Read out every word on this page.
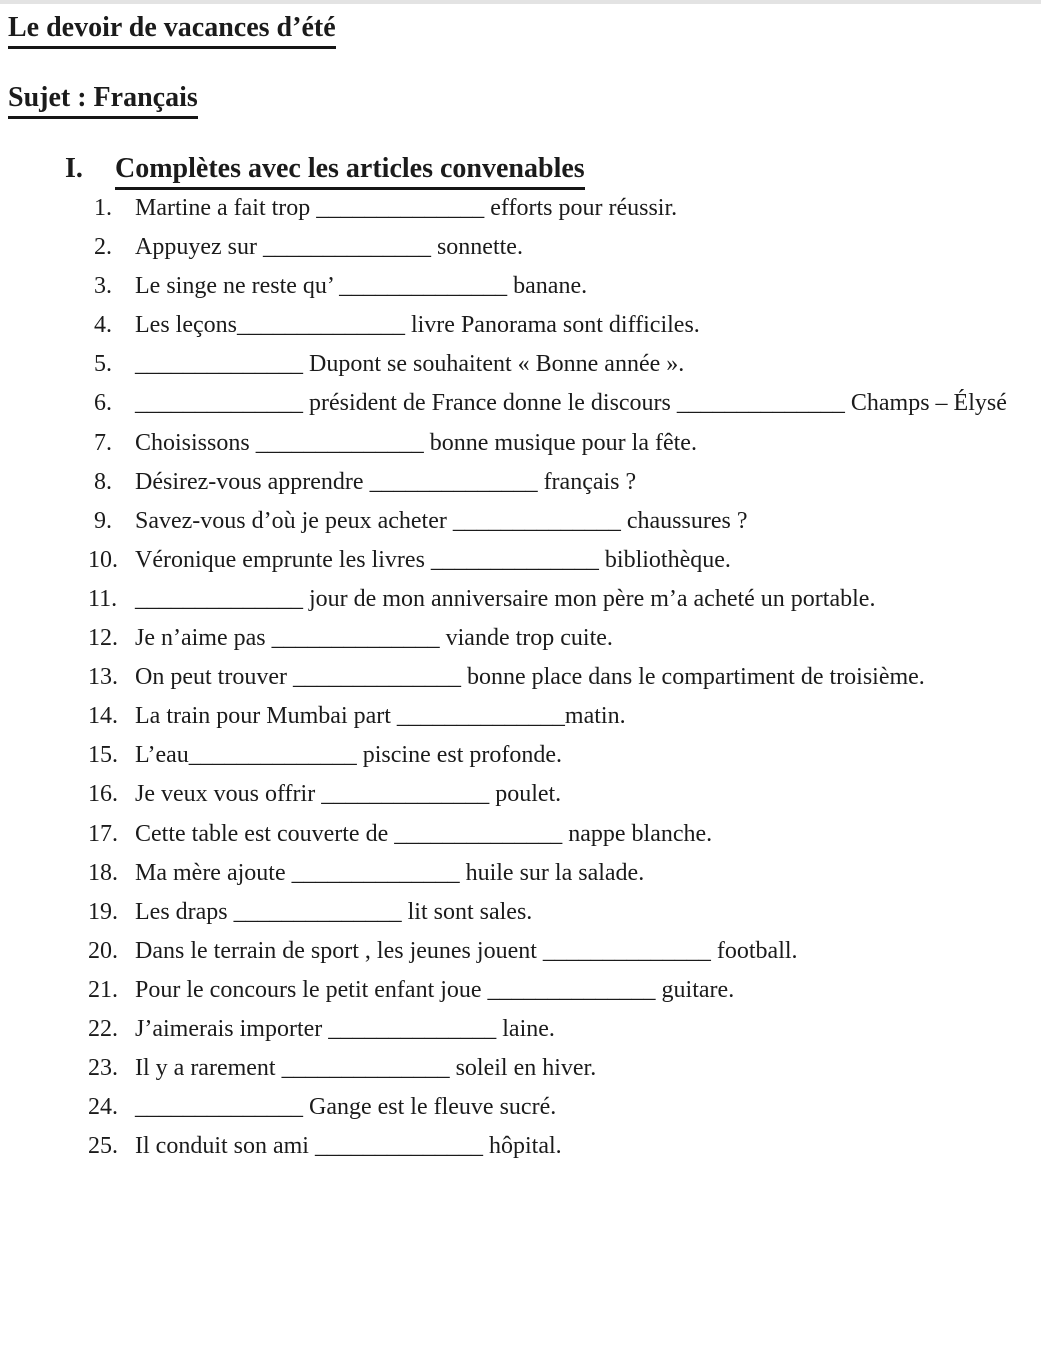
Le devoir de vacances d’été
Sujet : Français
I. Complètes avec les articles convenables
1. Martine a fait trop ______________ efforts pour réussir.
2. Appuyez sur ______________ sonnette.
3. Le singe ne reste qu’ ______________ banane.
4. Les leçons______________ livre Panorama sont difficiles.
5. ______________ Dupont se souhaitent « Bonne année ».
6. ______________ président de France donne le discours ______________ Champs – Élysé
7. Choisissons ______________ bonne musique pour la fête.
8. Désirez-vous apprendre ______________ français ?
9. Savez-vous d’où je peux acheter ______________ chaussures ?
10. Véronique emprunte les livres ______________ bibliothèque.
11. ______________ jour de mon anniversaire mon père m’a acheté un portable.
12. Je n’aime pas ______________ viande trop cuite.
13. On peut trouver ______________ bonne place dans le compartiment de troisième.
14. La train pour Mumbai part ______________matin.
15. L’eau______________ piscine est profonde.
16. Je veux vous offrir ______________ poulet.
17. Cette table est couverte de ______________ nappe blanche.
18. Ma mère ajoute ______________ huile sur la salade.
19. Les draps ______________ lit sont sales.
20. Dans le terrain de sport , les jeunes jouent ______________ football.
21. Pour le concours le petit enfant joue ______________ guitare.
22. J’aimerais importer ______________ laine.
23. Il y a rarement ______________ soleil en hiver.
24. ______________ Gange est le fleuve sucré.
25. Il conduit son ami ______________ hôpital.
